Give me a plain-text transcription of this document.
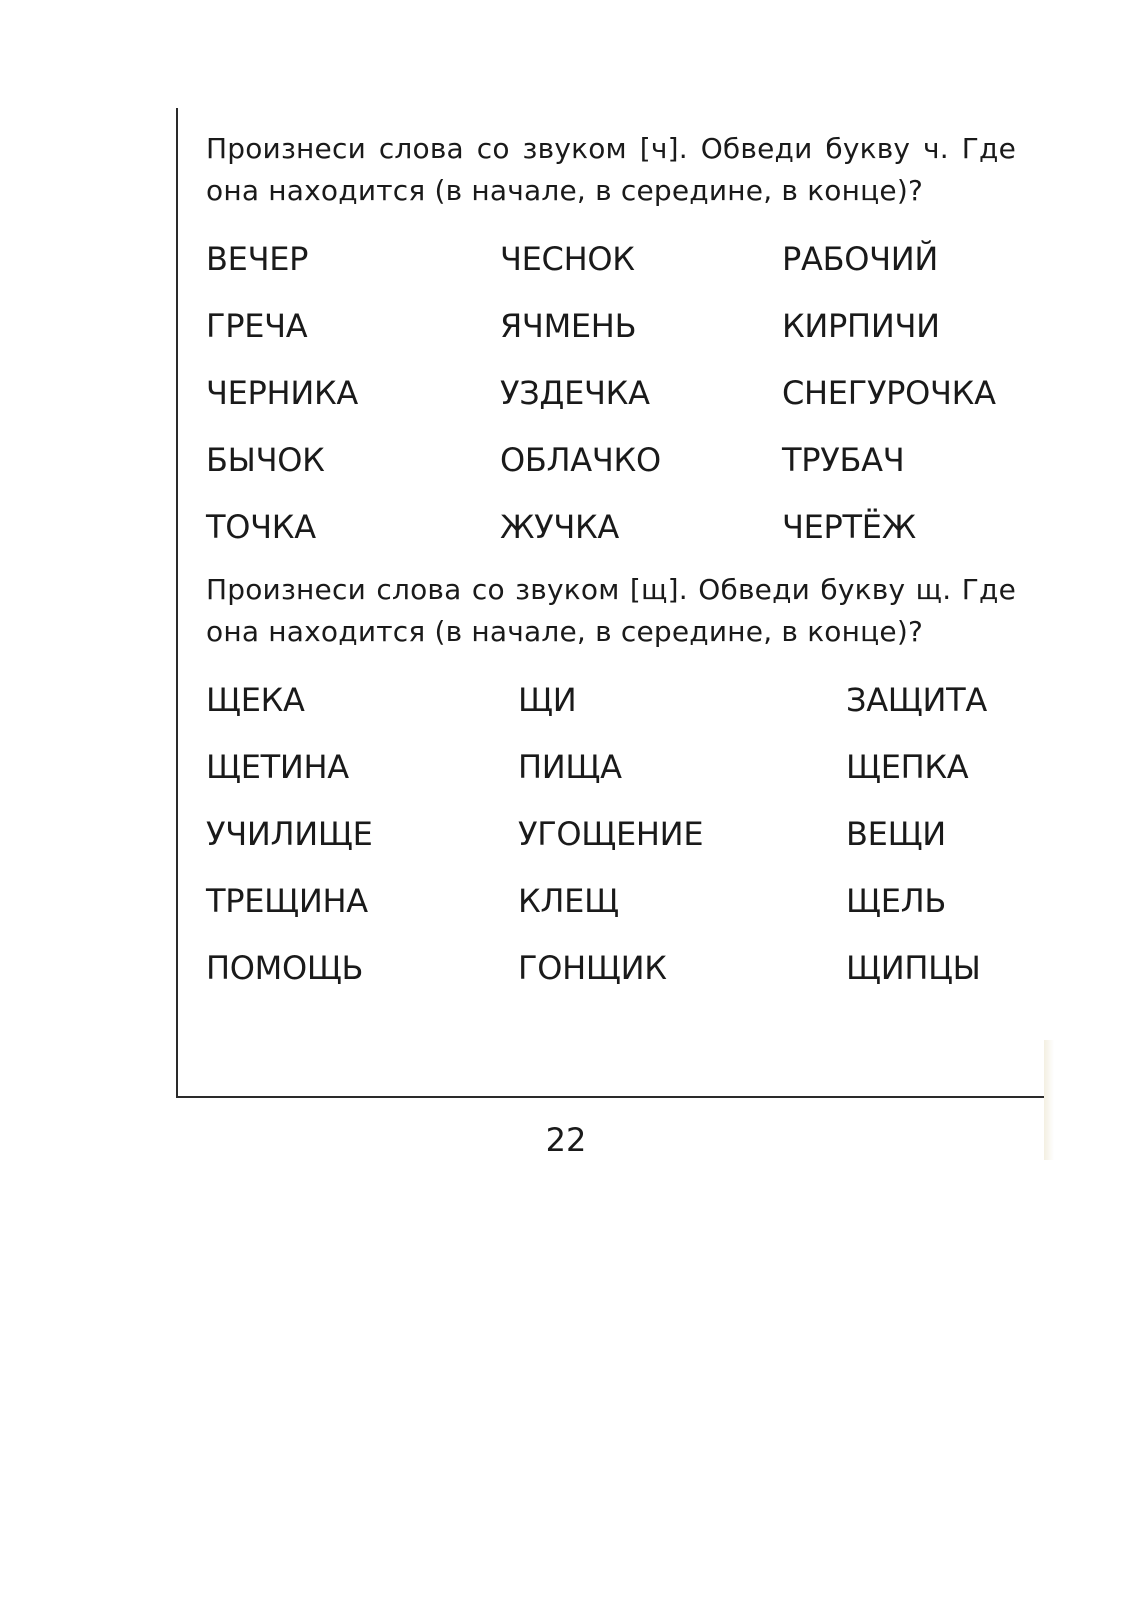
Произнеси слова со звуком [ч]. Обведи букву ч. Где она находится (в начале, в середине, в конце)?

ВЕЧЕР	ЧЕСНОК	РАБОЧИЙ
ГРЕЧА	ЯЧМЕНЬ	КИРПИЧИ
ЧЕРНИКА	УЗДЕЧКА	СНЕГУРОЧКА
БЫЧОК	ОБЛАЧКО	ТРУБАЧ
ТОЧКА	ЖУЧКА	ЧЕРТЁЖ

Произнеси слова со звуком [щ]. Обведи букву щ. Где она находится (в начале, в середине, в конце)?

ЩЕКА	ЩИ	ЗАЩИТА
ЩЕТИНА	ПИЩА	ЩЕПКА
УЧИЛИЩЕ	УГОЩЕНИЕ	ВЕЩИ
ТРЕЩИНА	КЛЕЩ	ЩЕЛЬ
ПОМОЩЬ	ГОНЩИК	ЩИПЦЫ
22
